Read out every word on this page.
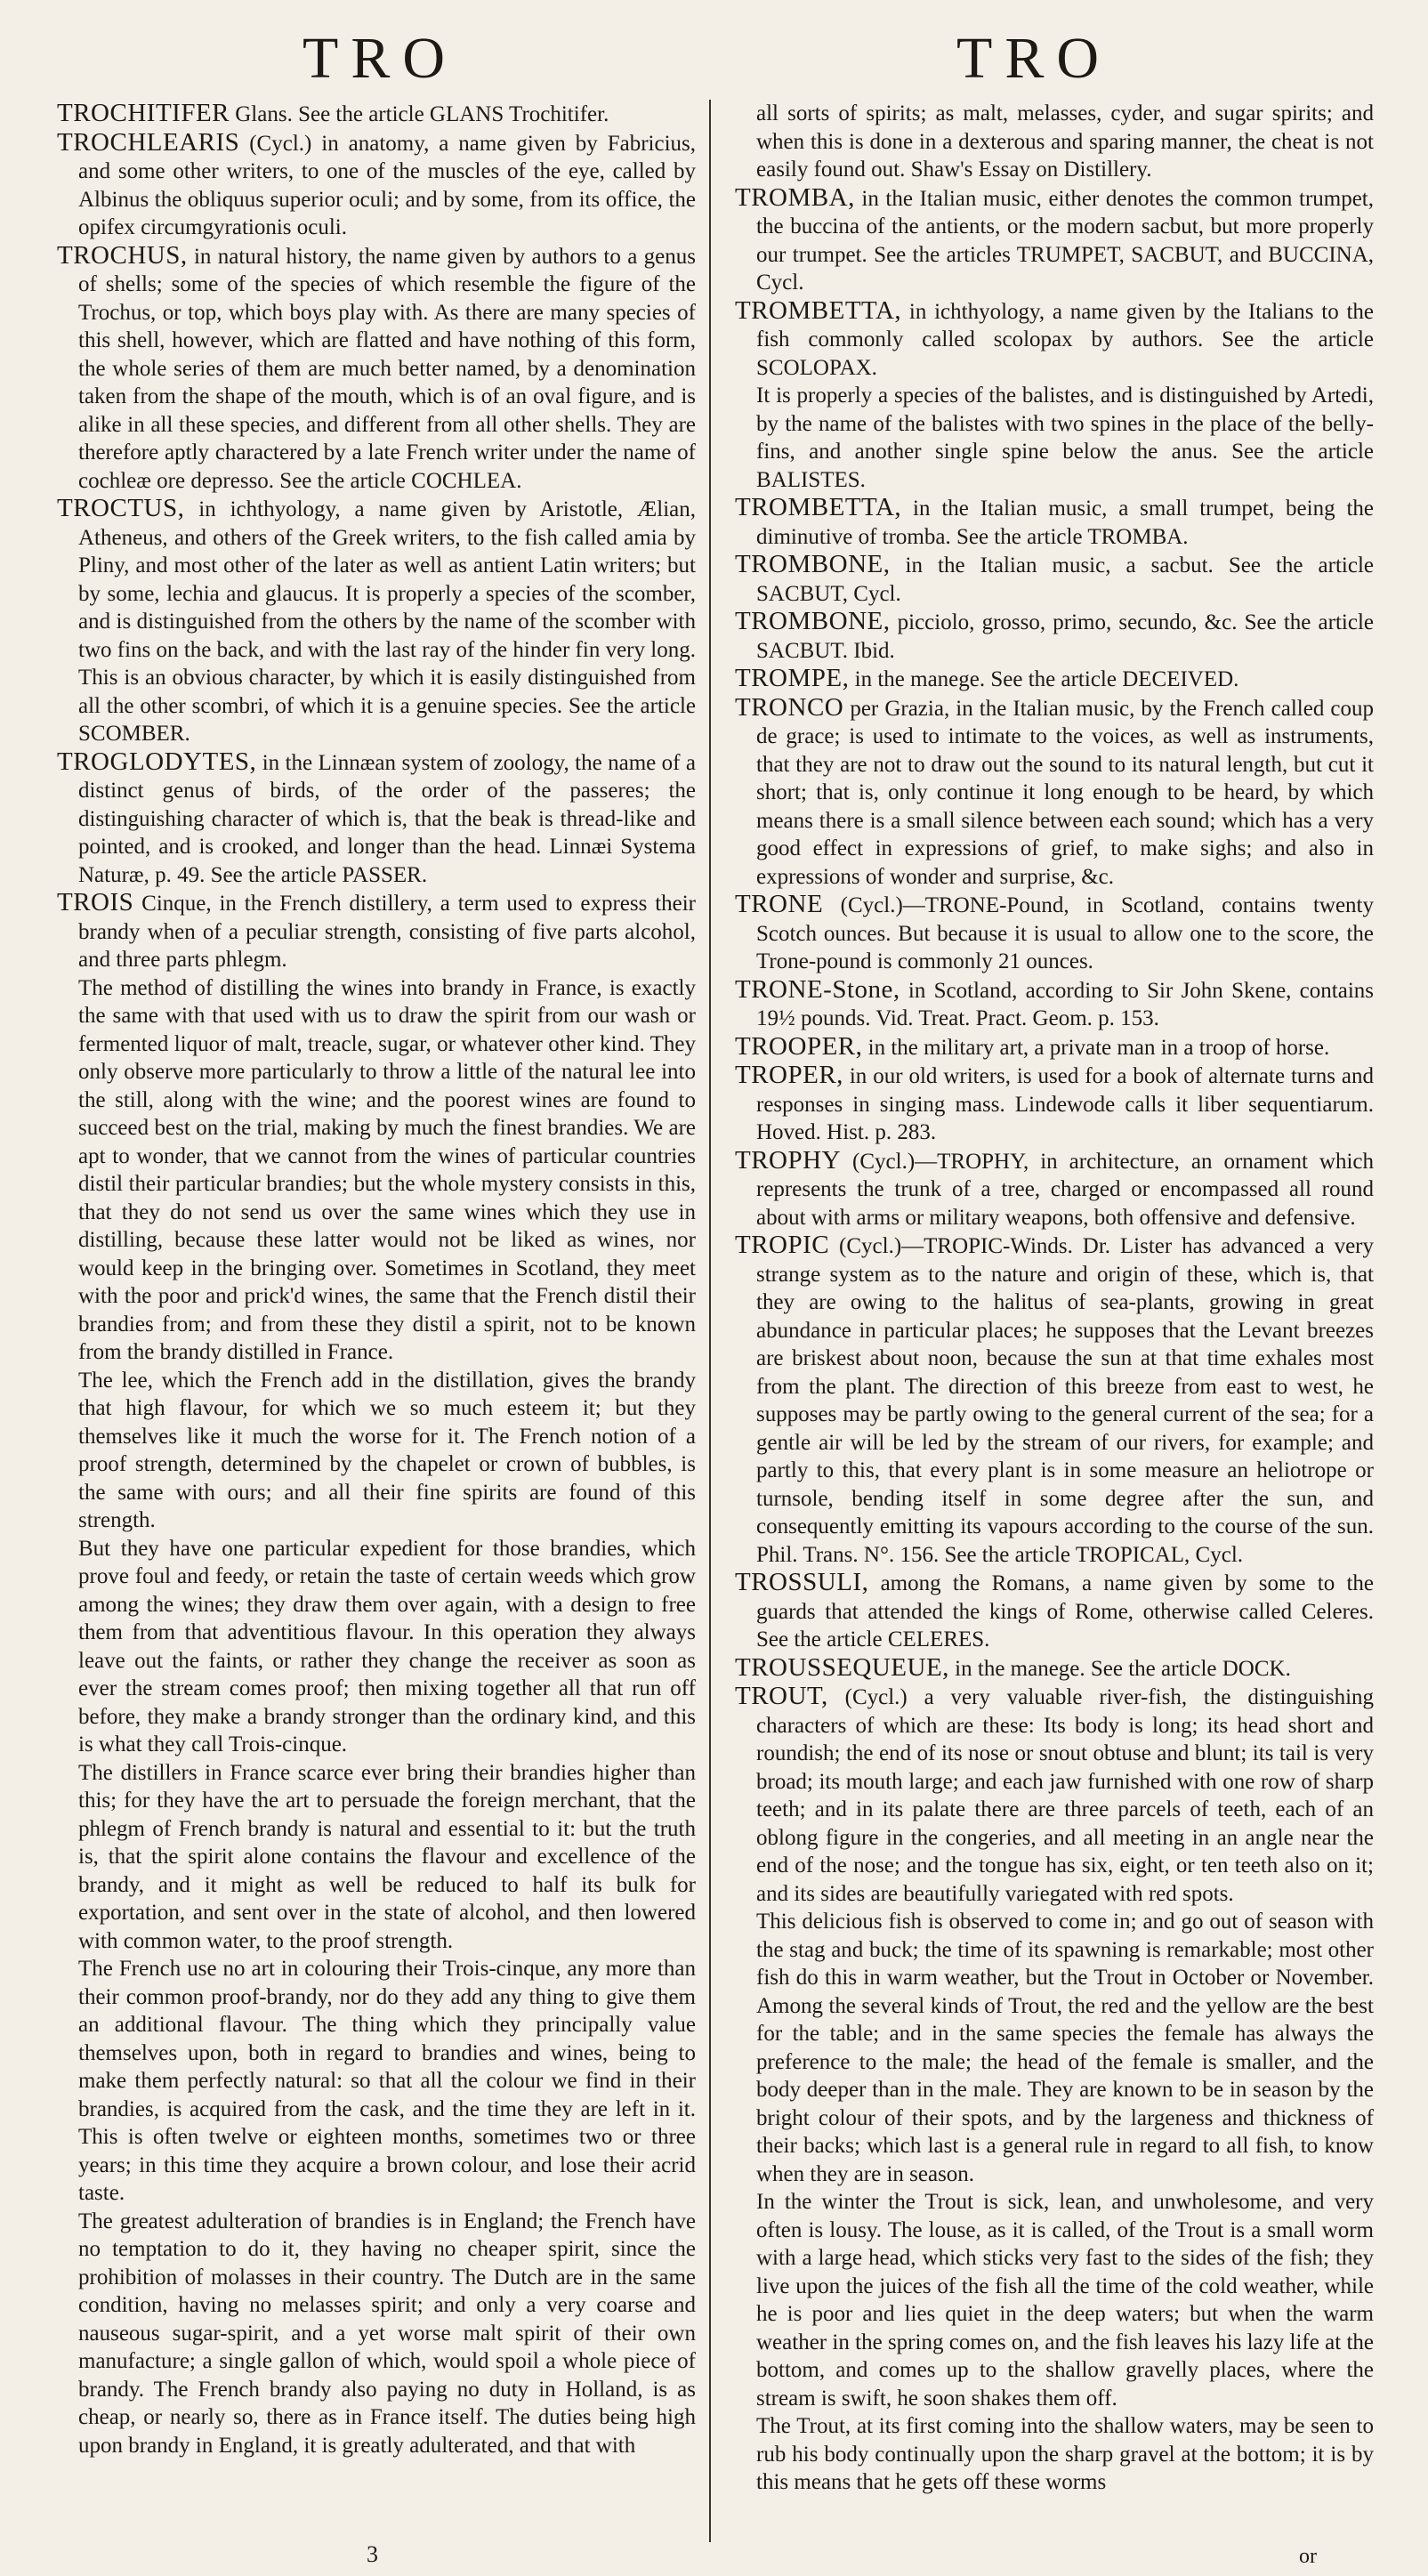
TRO	TRO

TROCHITIFER Glans. See the article GLANS Trochitifer.

TROCHLEARIS (Cycl.) in anatomy, a name given by Fabricius, and some other writers, to one of the muscles of the eye, called by Albinus the obliquus superior oculi; and by some, from its office, the opifex circumgyrationis oculi.

TROCHUS, in natural history, the name given by authors to a genus of shells; some of the species of which resemble the figure of the Trochus, or top, which boys play with. As there are many species of this shell, however, which are flatted and have nothing of this form, the whole series of them are much better named, by a denomination taken from the shape of the mouth, which is of an oval figure, and is alike in all these species, and different from all other shells. They are therefore aptly charactered by a late French writer under the name of cochleæ ore depresso. See the article COCHLEA.

TROCTUS, in ichthyology, a name given by Aristotle, Ælian, Atheneus, and others of the Greek writers, to the fish called amia by Pliny, and most other of the later as well as antient Latin writers; but by some, lechia and glaucus. It is properly a species of the scomber, and is distinguished from the others by the name of the scomber with two fins on the back, and with the last ray of the hinder fin very long. This is an obvious character, by which it is easily distinguished from all the other scombri, of which it is a genuine species. See the article SCOMBER.

TROGLODYTES, in the Linnæan system of zoology, the name of a distinct genus of birds, of the order of the passeres; the distinguishing character of which is, that the beak is thread-like and pointed, and is crooked, and longer than the head. Linnæi Systema Naturæ, p. 49. See the article PASSER.

TROIS Cinque, in the French distillery, a term used to express their brandy when of a peculiar strength, consisting of five parts alcohol, and three parts phlegm.

The method of distilling the wines into brandy in France, is exactly the same with that used with us to draw the spirit from our wash or fermented liquor of malt, treacle, sugar, or whatever other kind. They only observe more particularly to throw a little of the natural lee into the still, along with the wine; and the poorest wines are found to succeed best on the trial, making by much the finest brandies. We are apt to wonder, that we cannot from the wines of particular countries distil their particular brandies; but the whole mystery consists in this, that they do not send us over the same wines which they use in distilling, because these latter would not be liked as wines, nor would keep in the bringing over. Sometimes in Scotland, they meet with the poor and prick'd wines, the same that the French distil their brandies from; and from these they distil a spirit, not to be known from the brandy distilled in France.

The lee, which the French add in the distillation, gives the brandy that high flavour, for which we so much esteem it; but they themselves like it much the worse for it. The French notion of a proof strength, determined by the chapelet or crown of bubbles, is the same with ours; and all their fine spirits are found of this strength.

But they have one particular expedient for those brandies, which prove foul and feedy, or retain the taste of certain weeds which grow among the wines; they draw them over again, with a design to free them from that adventitious flavour. In this operation they always leave out the faints, or rather they change the receiver as soon as ever the stream comes proof; then mixing together all that run off before, they make a brandy stronger than the ordinary kind, and this is what they call Trois-cinque.

The distillers in France scarce ever bring their brandies higher than this; for they have the art to persuade the foreign merchant, that the phlegm of French brandy is natural and essential to it: but the truth is, that the spirit alone contains the flavour and excellence of the brandy, and it might as well be reduced to half its bulk for exportation, and sent over in the state of alcohol, and then lowered with common water, to the proof strength.

The French use no art in colouring their Trois-cinque, any more than their common proof-brandy, nor do they add any thing to give them an additional flavour. The thing which they principally value themselves upon, both in regard to brandies and wines, being to make them perfectly natural: so that all the colour we find in their brandies, is acquired from the cask, and the time they are left in it. This is often twelve or eighteen months, sometimes two or three years; in this time they acquire a brown colour, and lose their acrid taste.

The greatest adulteration of brandies is in England; the French have no temptation to do it, they having no cheaper spirit, since the prohibition of molasses in their country. The Dutch are in the same condition, having no melasses spirit; and only a very coarse and nauseous sugar-spirit, and a yet worse malt spirit of their own manufacture; a single gallon of which, would spoil a whole piece of brandy. The French brandy also paying no duty in Holland, is as cheap, or nearly so, there as in France itself. The duties being high upon brandy in England, it is greatly adulterated, and that with

all sorts of spirits; as malt, melasses, cyder, and sugar spirits; and when this is done in a dexterous and sparing manner, the cheat is not easily found out. Shaw's Essay on Distillery.

TROMBA, in the Italian music, either denotes the common trumpet, the buccina of the antients, or the modern sacbut, but more properly our trumpet. See the articles TRUMPET, SACBUT, and BUCCINA, Cycl.

TROMBETTA, in ichthyology, a name given by the Italians to the fish commonly called scolopax by authors. See the article SCOLOPAX.

It is properly a species of the balistes, and is distinguished by Artedi, by the name of the balistes with two spines in the place of the belly-fins, and another single spine below the anus. See the article BALISTES.

TROMBETTA, in the Italian music, a small trumpet, being the diminutive of tromba. See the article TROMBA.

TROMBONE, in the Italian music, a sacbut. See the article SACBUT, Cycl.

TROMBONE, picciolo, grosso, primo, secundo, &c. See the article SACBUT. Ibid.

TROMPE, in the manege. See the article DECEIVED.

TRONCO per Grazia, in the Italian music, by the French called coup de grace; is used to intimate to the voices, as well as instruments, that they are not to draw out the sound to its natural length, but cut it short; that is, only continue it long enough to be heard, by which means there is a small silence between each sound; which has a very good effect in expressions of grief, to make sighs; and also in expressions of wonder and surprise, &c.

TRONE (Cycl.)—TRONE-Pound, in Scotland, contains twenty Scotch ounces. But because it is usual to allow one to the score, the Trone-pound is commonly 21 ounces.

TRONE-Stone, in Scotland, according to Sir John Skene, contains 19½ pounds. Vid. Treat. Pract. Geom. p. 153.

TROOPER, in the military art, a private man in a troop of horse.

TROPER, in our old writers, is used for a book of alternate turns and responses in singing mass. Lindewode calls it liber sequentiarum. Hoved. Hist. p. 283.

TROPHY (Cycl.)—TROPHY, in architecture, an ornament which represents the trunk of a tree, charged or encompassed all round about with arms or military weapons, both offensive and defensive.

TROPIC (Cycl.)—TROPIC-Winds. Dr. Lister has advanced a very strange system as to the nature and origin of these, which is, that they are owing to the halitus of sea-plants, growing in great abundance in particular places; he supposes that the Levant breezes are briskest about noon, because the sun at that time exhales most from the plant. The direction of this breeze from east to west, he supposes may be partly owing to the general current of the sea; for a gentle air will be led by the stream of our rivers, for example; and partly to this, that every plant is in some measure an heliotrope or turnsole, bending itself in some degree after the sun, and consequently emitting its vapours according to the course of the sun. Phil. Trans. N°. 156. See the article TROPICAL, Cycl.

TROSSULI, among the Romans, a name given by some to the guards that attended the kings of Rome, otherwise called Celeres. See the article CELERES.

TROUSSEQUEUE, in the manege. See the article DOCK.

TROUT, (Cycl.) a very valuable river-fish, the distinguishing characters of which are these: Its body is long; its head short and roundish; the end of its nose or snout obtuse and blunt; its tail is very broad; its mouth large; and each jaw furnished with one row of sharp teeth; and in its palate there are three parcels of teeth, each of an oblong figure in the congeries, and all meeting in an angle near the end of the nose; and the tongue has six, eight, or ten teeth also on it; and its sides are beautifully variegated with red spots.

This delicious fish is observed to come in; and go out of season with the stag and buck; the time of its spawning is remarkable; most other fish do this in warm weather, but the Trout in October or November. Among the several kinds of Trout, the red and the yellow are the best for the table; and in the same species the female has always the preference to the male; the head of the female is smaller, and the body deeper than in the male. They are known to be in season by the bright colour of their spots, and by the largeness and thickness of their backs; which last is a general rule in regard to all fish, to know when they are in season.

In the winter the Trout is sick, lean, and unwholesome, and very often is lousy. The louse, as it is called, of the Trout is a small worm with a large head, which sticks very fast to the sides of the fish; they live upon the juices of the fish all the time of the cold weather, while he is poor and lies quiet in the deep waters; but when the warm weather in the spring comes on, and the fish leaves his lazy life at the bottom, and comes up to the shallow gravelly places, where the stream is swift, he soon shakes them off.

The Trout, at its first coming into the shallow waters, may be seen to rub his body continually upon the sharp gravel at the bottom; it is by this means that he gets off these worms

3	or
